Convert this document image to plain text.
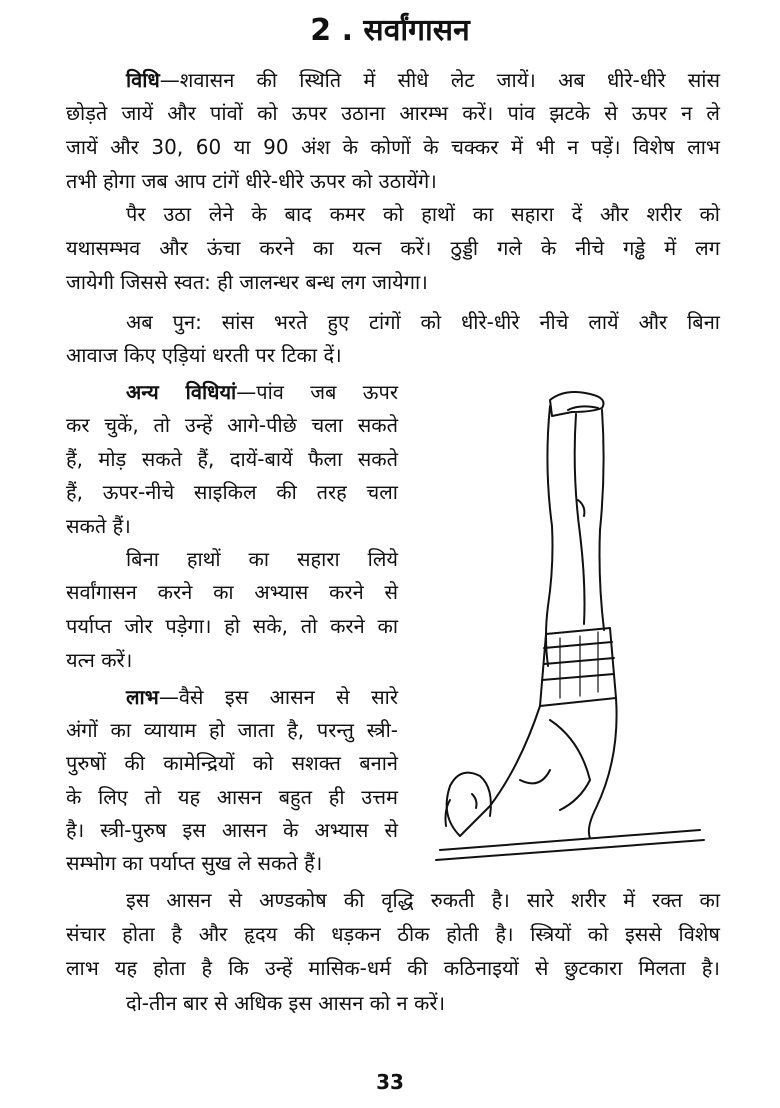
2 . सर्वांगासन
विधि—शवासन की स्थिति में सीधे लेट जायें। अब धीरे-धीरे सांस
छोड़ते जायें और पांवों को ऊपर उठाना आरम्भ करें। पांव झटके से ऊपर न ले
जायें और 30, 60 या 90 अंश के कोणों के चक्कर में भी न पड़ें। विशेष लाभ
तभी होगा जब आप टांगें धीरे-धीरे ऊपर को उठायेंगे।
पैर उठा लेने के बाद कमर को हाथों का सहारा दें और शरीर को
यथासम्भव और ऊंचा करने का यत्न करें। ठुड्डी गले के नीचे गड्ढे में लग
जायेगी जिससे स्वत: ही जालन्धर बन्ध लग जायेगा।
अब पुन: सांस भरते हुए टांगों को धीरे-धीरे नीचे लायें और बिना
आवाज किए एड़ियां धरती पर टिका दें।
अन्य विधियां—पांव जब ऊपर
कर चुकें, तो उन्हें आगे-पीछे चला सकते
हैं, मोड़ सकते हैं, दायें-बायें फैला सकते
हैं, ऊपर-नीचे साइकिल की तरह चला
सकते हैं।
बिना हाथों का सहारा लिये
सर्वांगासन करने का अभ्यास करने से
पर्याप्त जोर पड़ेगा। हो सके, तो करने का
यत्न करें।
लाभ—वैसे इस आसन से सारे
अंगों का व्यायाम हो जाता है, परन्तु स्त्री-
पुरुषों की कामेन्द्रियों को सशक्त बनाने
के लिए तो यह आसन बहुत ही उत्तम
है। स्त्री-पुरुष इस आसन के अभ्यास से
सम्भोग का पर्याप्त सुख ले सकते हैं।
इस आसन से अण्डकोष की वृद्धि रुकती है। सारे शरीर में रक्त का
संचार होता है और हृदय की धड़कन ठीक होती है। स्त्रियों को इससे विशेष
लाभ यह होता है कि उन्हें मासिक-धर्म की कठिनाइयों से छुटकारा मिलता है।
दो-तीन बार से अधिक इस आसन को न करें।
33
